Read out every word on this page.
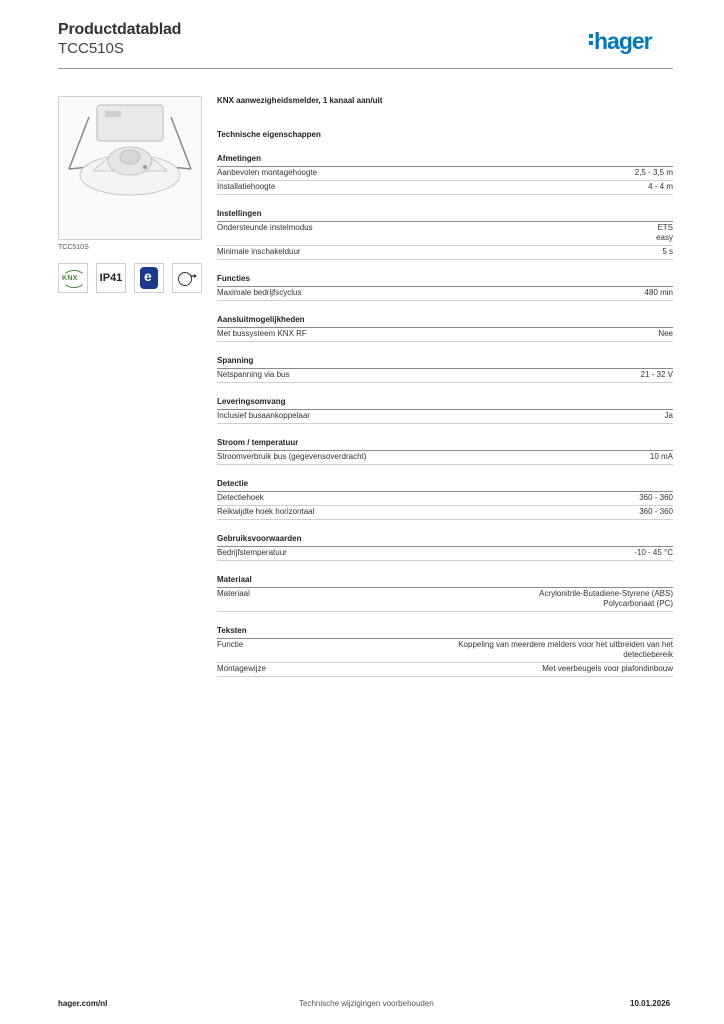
Productdatablad
TCC510S	hager
TCC510S
KNX IP41 e
KNX aanwezigheidsmelder, 1 kanaal aan/uit
Technische eigenschappen
Afmetingen
Aanbevolen montagehoogte	2,5 - 3,5 m
Installatiehoogte	4 - 4 m
Instellingen
Ondersteunde instelmodus	ETS
easy
Minimale inschakelduur	5 s
Functies
Maximale bedrijfscyclus	480 min
Aansluitmogelijkheden
Met bussysteem KNX RF	Nee
Spanning
Netspanning via bus	21 - 32 V
Leveringsomvang
Inclusief busaankoppelaar	Ja
Stroom / temperatuur
Stroomverbruik bus (gegevensoverdracht)	10 mA
Detectie
Detectiehoek	360 - 360
Reikwijdte hoek horizontaal	360 - 360
Gebruiksvoorwaarden
Bedrijfstemperatuur	-10 - 45 °C
Materiaal
Materiaal	Acrylonitrile-Butadiene-Styrene (ABS)
Polycarbonaat (PC)
Teksten
Functie	Koppeling van meerdere melders voor het uitbreiden van het
detectiebereik
Montagewijze	Met veerbeugels voor plafondinbouw
hager.com/nl	Technische wijzigingen voorbehouden	10.01.2026
